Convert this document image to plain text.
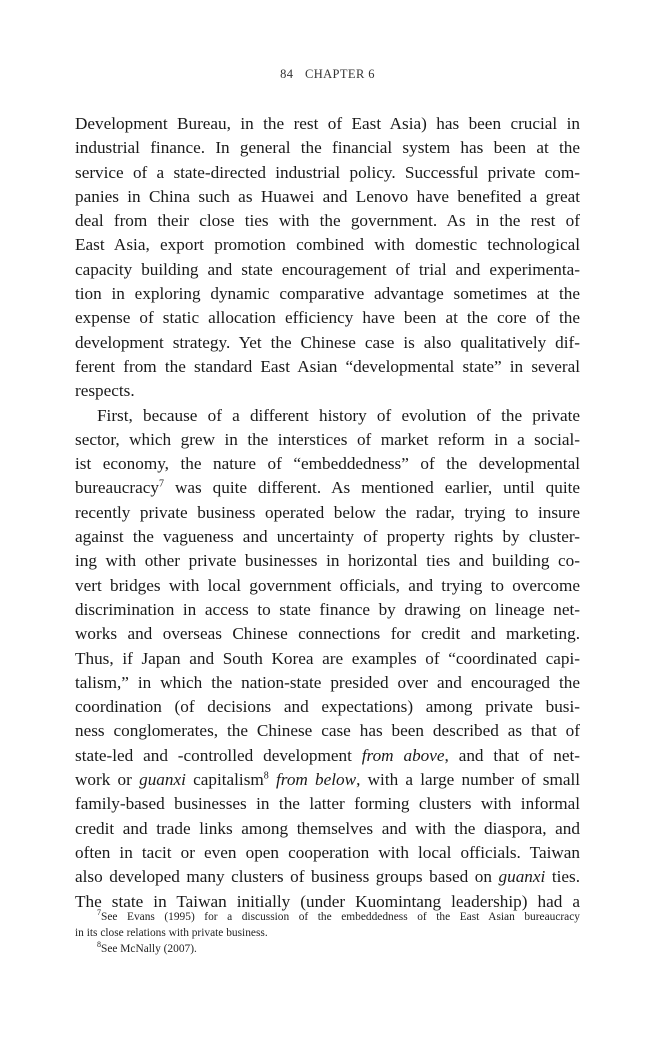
84 CHAPTER 6
Development Bureau, in the rest of East Asia) has been crucial in
industrial finance. In general the financial system has been at the
service of a state-directed industrial policy. Successful private com-
panies in China such as Huawei and Lenovo have benefited a great
deal from their close ties with the government. As in the rest of
East Asia, export promotion combined with domestic technological
capacity building and state encouragement of trial and experimenta-
tion in exploring dynamic comparative advantage sometimes at the
expense of static allocation efficiency have been at the core of the
development strategy. Yet the Chinese case is also qualitatively dif-
ferent from the standard East Asian “developmental state” in several
respects.
First, because of a different history of evolution of the private
sector, which grew in the interstices of market reform in a social-
ist economy, the nature of “embeddedness” of the developmental
bureaucracy$^7$ was quite different. As mentioned earlier, until quite
recently private business operated below the radar, trying to insure
against the vagueness and uncertainty of property rights by cluster-
ing with other private businesses in horizontal ties and building co-
vert bridges with local government officials, and trying to overcome
discrimination in access to state finance by drawing on lineage net-
works and overseas Chinese connections for credit and marketing.
Thus, if Japan and South Korea are examples of “coordinated capi-
talism,” in which the nation-state presided over and encouraged the
coordination (of decisions and expectations) among private busi-
ness conglomerates, the Chinese case has been described as that of
state-led and -controlled development from above, and that of net-
work or guanxi capitalism$^8$ from below, with a large number of small
family-based businesses in the latter forming clusters with informal
credit and trade links among themselves and with the diaspora, and
often in tacit or even open cooperation with local officials. Taiwan
also developed many clusters of business groups based on guanxi ties.
The state in Taiwan initially (under Kuomintang leadership) had a
$^7$See Evans (1995) for a discussion of the embeddedness of the East Asian bureaucracy
in its close relations with private business.
$^8$See McNally (2007).
